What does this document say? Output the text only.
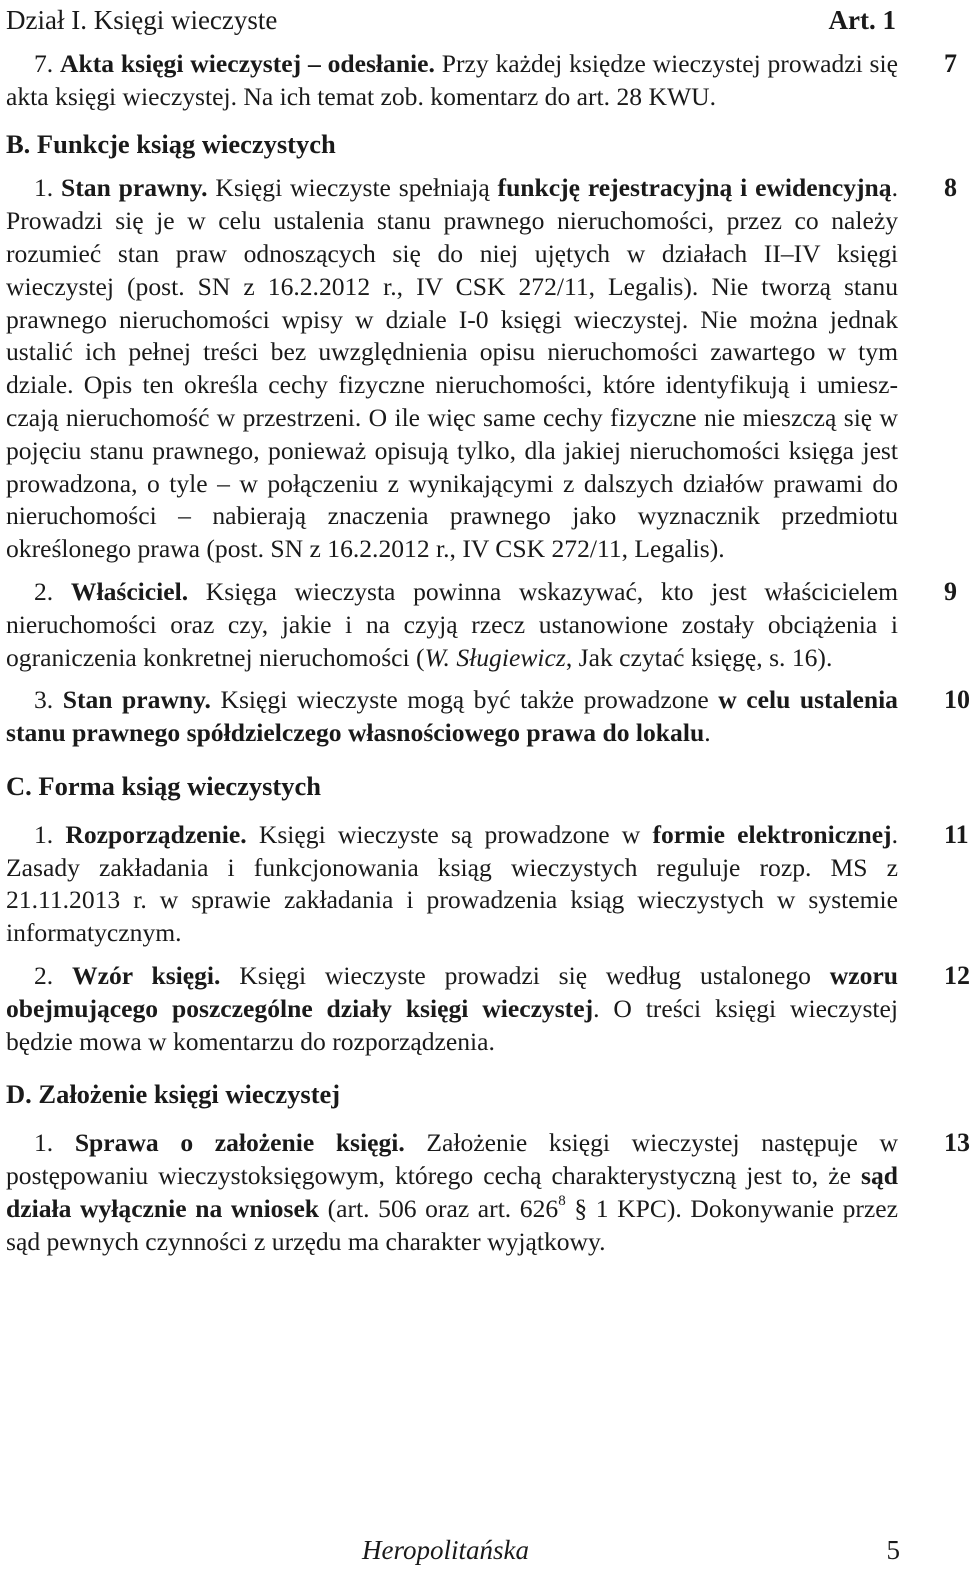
Dział I. Księgi wieczyste	Art. 1
7
7. Akta księgi wieczystej – odesłanie. Przy każdej księdze wieczystej prowadzi się akta księgi wieczystej. Na ich temat zob. komentarz do art. 28 KWU.
B. Funkcje ksiąg wieczystych
8
1. Stan prawny. Księgi wieczyste spełniają funkcję rejestracyjną i ewidencyjną. Prowadzi się je w celu ustalenia stanu prawnego nieruchomości, przez co należy rozumieć stan praw odnoszących się do niej ujętych w działach II–IV księgi wieczystej (post. SN z 16.2.2012 r., IV CSK 272/11, Legalis). Nie tworzą stanu prawnego nieruchomości wpisy w dziale I-0 księgi wieczystej. Nie można jednak ustalić ich pełnej treści bez uwzględnienia opisu nieruchomości zawartego w tym dziale. Opis ten określa cechy fizyczne nieruchomości, które identyfikują i umieszczają nieruchomość w przestrzeni. O ile więc same cechy fizyczne nie mieszczą się w pojęciu stanu prawnego, ponieważ opisują tylko, dla jakiej nieruchomości księga jest prowadzona, o tyle – w połączeniu z wynikającymi z dalszych działów prawami do nieruchomości – nabierają znaczenia prawnego jako wyznacznik przedmiotu określonego prawa (post. SN z 16.2.2012 r., IV CSK 272/11, Legalis).
9
2. Właściciel. Księga wieczysta powinna wskazywać, kto jest właścicielem nieruchomości oraz czy, jakie i na czyją rzecz ustanowione zostały obciążenia i ograniczenia konkretnej nieruchomości (W. Sługiewicz, Jak czytać księgę, s. 16).
10
3. Stan prawny. Księgi wieczyste mogą być także prowadzone w celu ustalenia stanu prawnego spółdzielczego własnościowego prawa do lokalu.
C. Forma ksiąg wieczystych
11
1. Rozporządzenie. Księgi wieczyste są prowadzone w formie elektronicznej. Zasady zakładania i funkcjonowania ksiąg wieczystych reguluje rozp. MS z 21.11.2013 r. w sprawie zakładania i prowadzenia ksiąg wieczystych w systemie informatycznym.
12
2. Wzór księgi. Księgi wieczyste prowadzi się według ustalonego wzoru obejmującego poszczególne działy księgi wieczystej. O treści księgi wieczystej będzie mowa w komentarzu do rozporządzenia.
D. Założenie księgi wieczystej
13
1. Sprawa o założenie księgi. Założenie księgi wieczystej następuje w postępowaniu wieczystoksięgowym, którego cechą charakterystyczną jest to, że sąd działa wyłącznie na wniosek (art. 506 oraz art. $626^8$ § 1 KPC). Dokonywanie przez sąd pewnych czynności z urzędu ma charakter wyjątkowy.
Heropolitańska	5
